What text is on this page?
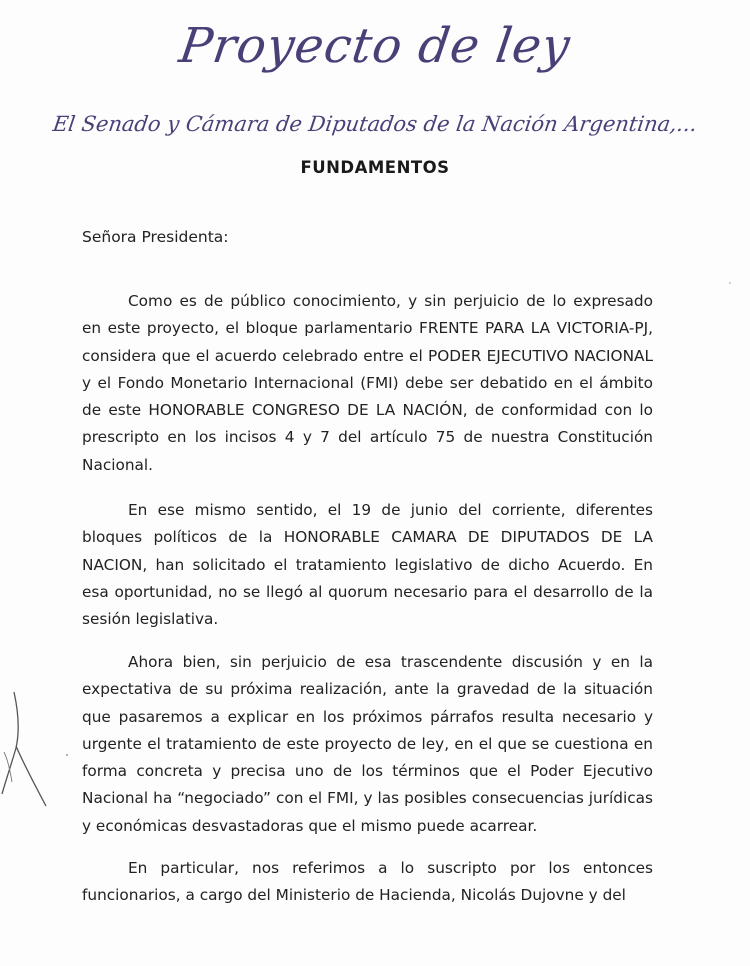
Proyecto de ley
El Senado y Cámara de Diputados de la Nación Argentina,...
FUNDAMENTOS
Señora Presidenta:

Como es de público conocimiento, y sin perjuicio de lo expresado en este proyecto, el bloque parlamentario FRENTE PARA LA VICTORIA-PJ, considera que el acuerdo celebrado entre el PODER EJECUTIVO NACIONAL y el Fondo Monetario Internacional (FMI) debe ser debatido en el ámbito de este HONORABLE CONGRESO DE LA NACIÓN, de conformidad con lo prescripto en los incisos 4 y 7 del artículo 75 de nuestra Constitución Nacional.

En ese mismo sentido, el 19 de junio del corriente, diferentes bloques políticos de la HONORABLE CAMARA DE DIPUTADOS DE LA NACION, han solicitado el tratamiento legislativo de dicho Acuerdo. En esa oportunidad, no se llegó al quorum necesario para el desarrollo de la sesión legislativa.

Ahora bien, sin perjuicio de esa trascendente discusión y en la expectativa de su próxima realización, ante la gravedad de la situación que pasaremos a explicar en los próximos párrafos resulta necesario y urgente el tratamiento de este proyecto de ley, en el que se cuestiona en forma concreta y precisa uno de los términos que el Poder Ejecutivo Nacional ha “negociado” con el FMI, y las posibles consecuencias jurídicas y económicas desvastadoras que el mismo puede acarrear.

En particular, nos referimos a lo suscripto por los entonces funcionarios, a cargo del Ministerio de Hacienda, Nicolás Dujovne y del
